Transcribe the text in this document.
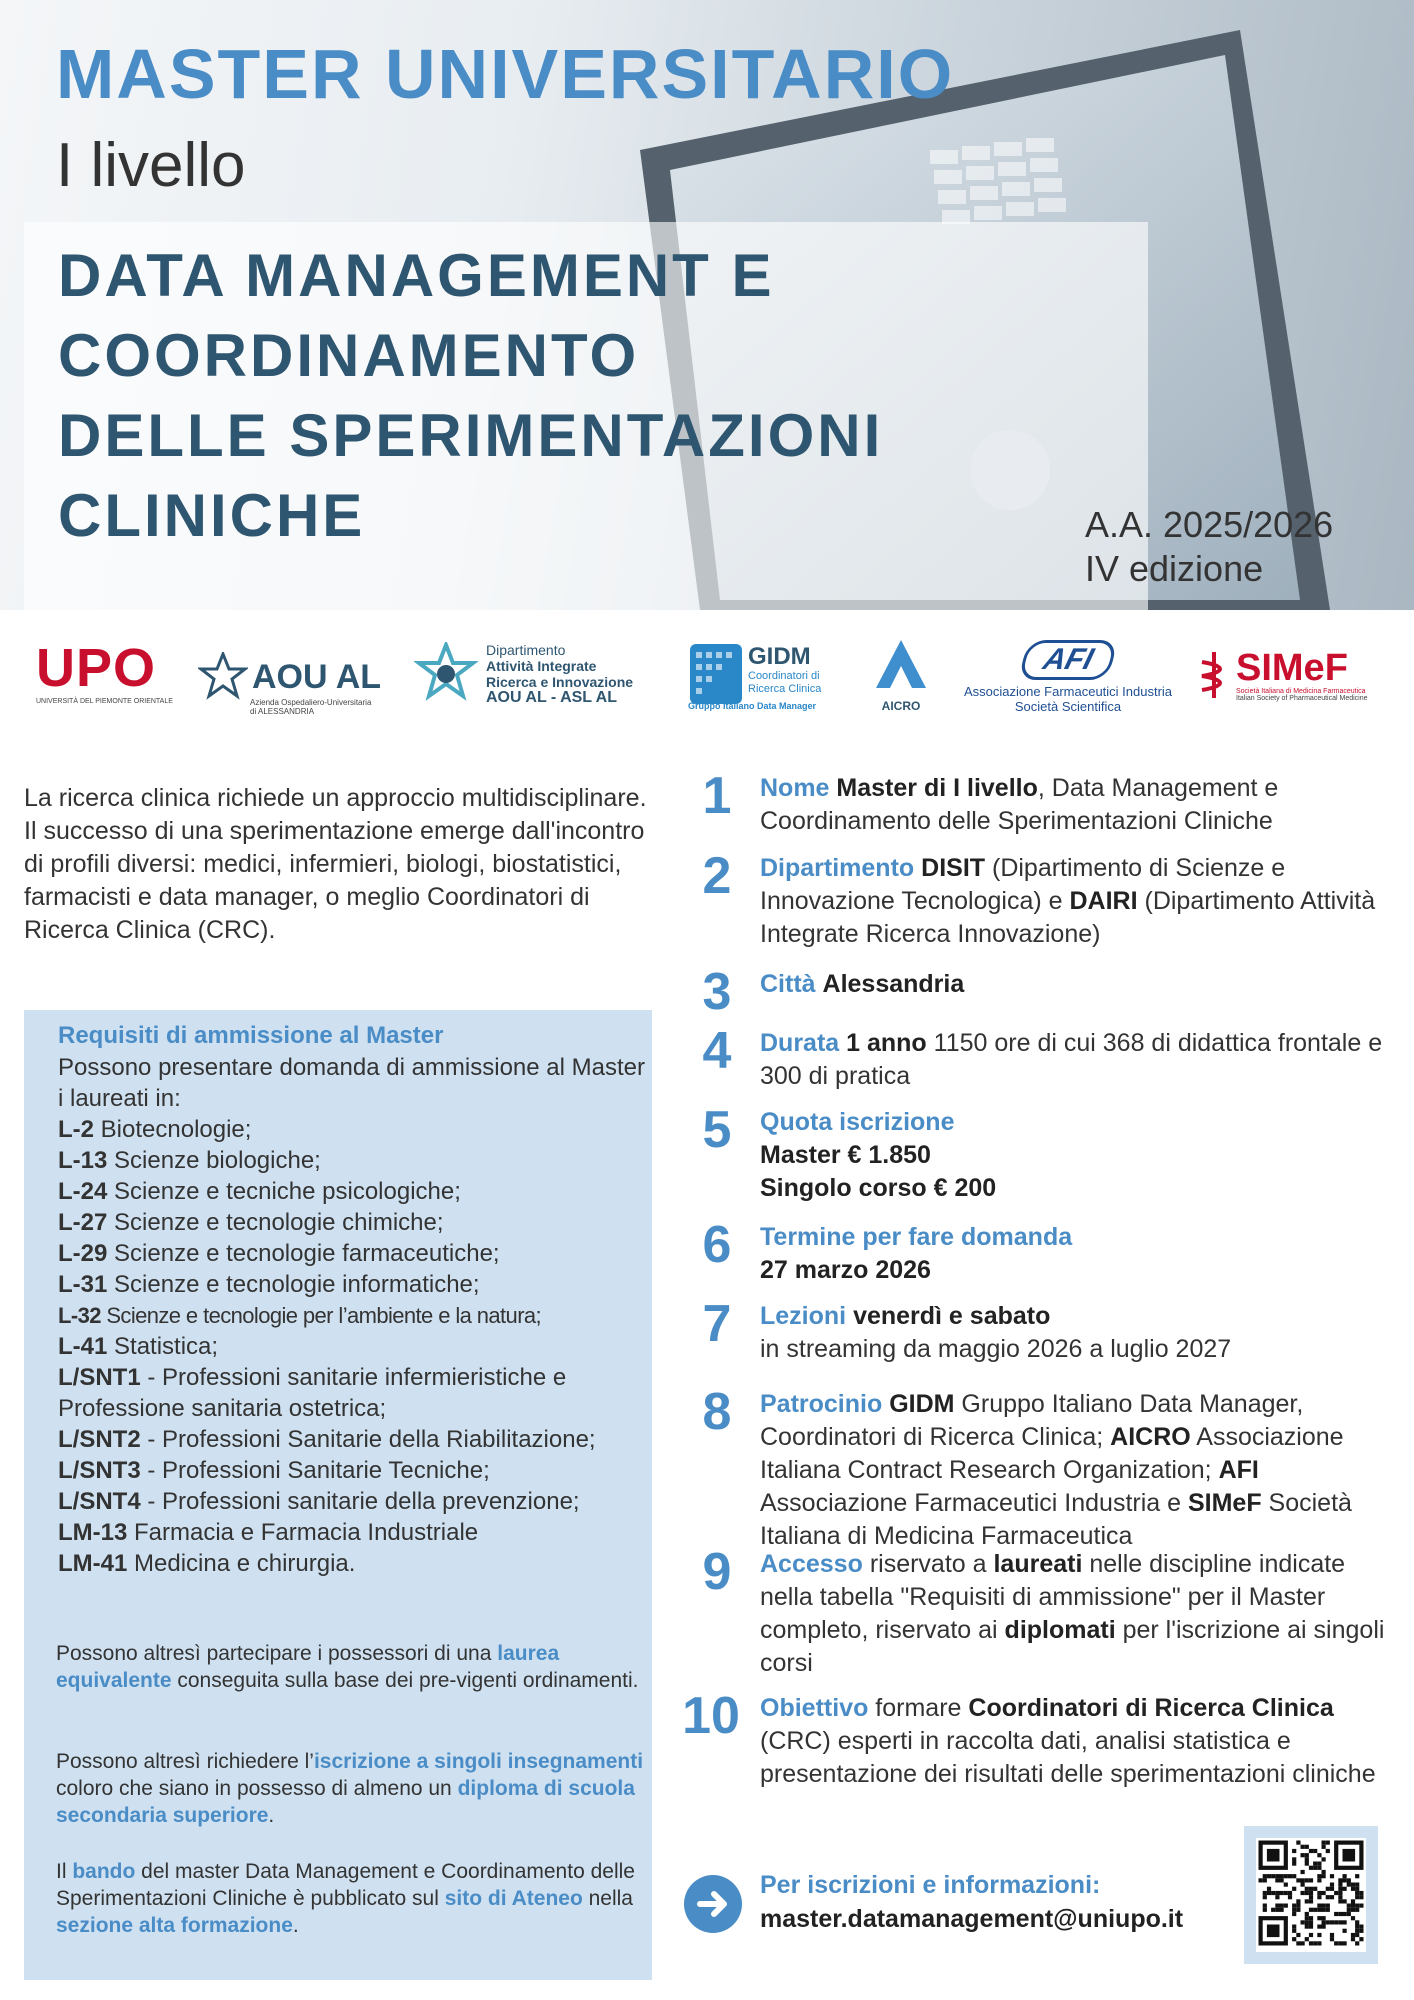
MASTER UNIVERSITARIO
I livello
DATA MANAGEMENT E
COORDINAMENTO
DELLE SPERIMENTAZIONI
CLINICHE	A.A. 2025/2026
IV edizione
UPO
UNIVERSITÀ DEL PIEMONTE ORIENTALE
AOU AL
Azienda Ospedaliero-Universitaria
di ALESSANDRIA
Dipartimento
Attività Integrate
Ricerca e Innovazione
AOU AL - ASL AL
GIDM
Coordinatori di
Ricerca Clinica
Gruppo Italiano Data Manager	AICRO
AFI
Associazione Farmaceutici Industria
Società Scientifica
SIMeF
Società Italiana di Medicina Farmaceutica
Italian Society of Pharmaceutical Medicine
La ricerca clinica richiede un approccio multidisciplinare. Il successo di una sperimentazione emerge dall'incontro di profili diversi: medici, infermieri, biologi, biostatistici, farmacisti e data manager, o meglio Coordinatori di Ricerca Clinica (CRC).
Requisiti di ammissione al Master
Possono presentare domanda di ammissione al Master i laureati in:
L-2 Biotecnologie;
L-13 Scienze biologiche;
L-24 Scienze e tecniche psicologiche;
L-27 Scienze e tecnologie chimiche;
L-29 Scienze e tecnologie farmaceutiche;
L-31 Scienze e tecnologie informatiche;
L-32 Scienze e tecnologie per l’ambiente e la natura;
L-41 Statistica;
L/SNT1 - Professioni sanitarie infermieristiche e Professione sanitaria ostetrica;
L/SNT2 - Professioni Sanitarie della Riabilitazione;
L/SNT3 - Professioni Sanitarie Tecniche;
L/SNT4 - Professioni sanitarie della prevenzione;
LM-13 Farmacia e Farmacia Industriale
LM-41 Medicina e chirurgia.
Possono altresì partecipare i possessori di una laurea equivalente conseguita sulla base dei pre-vigenti ordinamenti.
Possono altresì richiedere l’iscrizione a singoli insegnamenti coloro che siano in possesso di almeno un diploma di scuola secondaria superiore.
Il bando del master Data Management e Coordinamento delle Sperimentazioni Cliniche è pubblicato sul sito di Ateneo nella sezione alta formazione.
1	Nome Master di I livello, Data Management e Coordinamento delle Sperimentazioni Cliniche
2	Dipartimento DISIT (Dipartimento di Scienze e Innovazione Tecnologica) e DAIRI (Dipartimento Attività Integrate Ricerca Innovazione)
3	Città Alessandria
4	Durata 1 anno 1150 ore di cui 368 di didattica frontale e 300 di pratica
5	Quota iscrizione
Master € 1.850
Singolo corso € 200
6	Termine per fare domanda
27 marzo 2026
7	Lezioni venerdì e sabato
in streaming da maggio 2026 a luglio 2027
8	Patrocinio GIDM Gruppo Italiano Data Manager, Coordinatori di Ricerca Clinica; AICRO Associazione Italiana Contract Research Organization; AFI Associazione Farmaceutici Industria e SIMeF Società Italiana di Medicina Farmaceutica
9	Accesso riservato a laureati nelle discipline indicate nella tabella "Requisiti di ammissione" per il Master completo, riservato ai diplomati per l'iscrizione ai singoli corsi
10 Obiettivo formare Coordinatori di Ricerca Clinica (CRC) esperti in raccolta dati, analisi statistica e presentazione dei risultati delle sperimentazioni cliniche
Per iscrizioni e informazioni:
master.datamanagement@uniupo.it
